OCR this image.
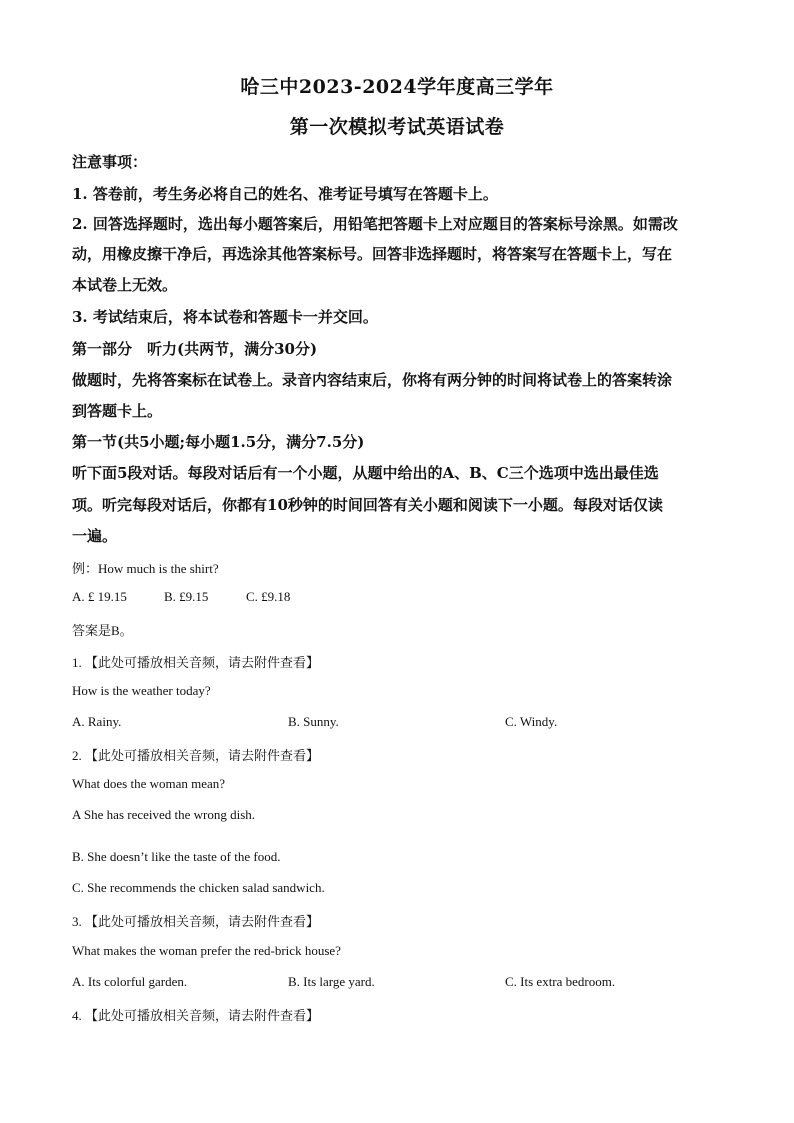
哈三中2023-2024学年度高三学年
第一次模拟考试英语试卷
注意事项：
1. 答卷前，考生务必将自己的姓名、准考证号填写在答题卡上。
2. 回答选择题时，选出每小题答案后，用铅笔把答题卡上对应题目的答案标号涂黑。如需改
动，用橡皮擦干净后，再选涂其他答案标号。回答非选择题时，将答案写在答题卡上，写在
本试卷上无效。
3. 考试结束后，将本试卷和答题卡一并交回。
第一部分　听力(共两节，满分30分)
做题时，先将答案标在试卷上。录音内容结束后，你将有两分钟的时间将试卷上的答案转涂
到答题卡上。
第一节(共5小题;每小题1.5分，满分7.5分)
听下面5段对话。每段对话后有一个小题，从题中给出的A、B、C三个选项中选出最佳选
项。听完每段对话后，你都有10秒钟的时间回答有关小题和阅读下一小题。每段对话仅读
一遍。
例：How much is the shirt?
A. £ 19.15	B. £9.15	C. £9.18
答案是B。
1. 【此处可播放相关音频，请去附件查看】
How is the weather today?
A. Rainy.	B. Sunny.	C. Windy.
2. 【此处可播放相关音频，请去附件查看】
What does the woman mean?
A She has received the wrong dish.
B. She doesn’t like the taste of the food.
C. She recommends the chicken salad sandwich.
3. 【此处可播放相关音频，请去附件查看】
What makes the woman prefer the red-brick house?
A. Its colorful garden.	B. Its large yard.	C. Its extra bedroom.
4. 【此处可播放相关音频，请去附件查看】
